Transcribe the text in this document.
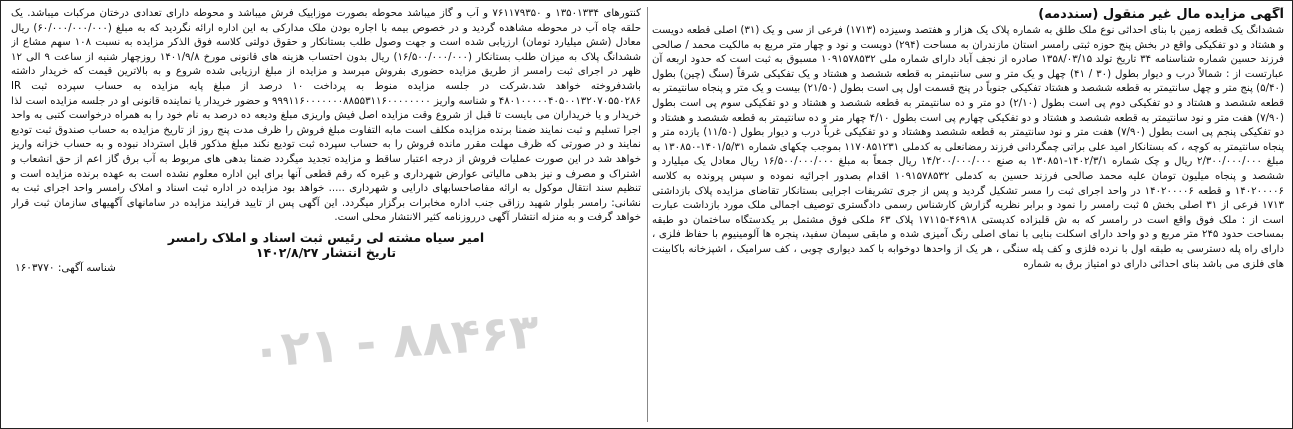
آگهی مزایده مال غیر منقول (سنددمه)

ششدانگ یک قطعه زمین با بنای احداثی نوع ملک طلق به شماره پلاک یک هزار و هفتصد وسیزده (۱۷۱۳) فرعی از سی و یک (۳۱) اصلی قطعه دویست و هشتاد و دو تفکیکی واقع در بخش پنج حوزه ثبتی رامسر استان مازندران به مساحت (۲۹۴) دویست و نود و چهار متر مربع به مالکیت محمد / صالحی فرزند حسین شماره شناسنامه ۳۴ تاریخ تولد ۱۳۵۸/۰۳/۱۵ صادره از نجف آباد دارای شماره ملی ۱۰۹۱۵۷۸۵۳۲ مسبوق به ثبت است که حدود اربعه آن عبارتست از : شمالاً درب و دیوار بطول (۳۰ / ۴۱) چهل و یک متر و سی سانتیمتر به قطعه ششصد و هشتاد و یک تفکیکی شرقاً (سنگ (چین) بطول (۵/۴۰) پنج متر و چهل سانتیمتر به قطعه ششصد و هشتاد تفکیکی جنوباً در پنج قسمت اول پی است بطول (۲۱/۵۰) بیست و یک متر و پنجاه سانتیمتر به قطعه ششصد و هشتاد و دو تفکیکی دوم پی است بطول (۲/۱۰) دو متر و ده سانتیمتر به قطعه ششصد و هشتاد و دو تفکیکی سوم پی است بطول (۷/۹۰) هفت متر و نود سانتیمتر به قطعه ششصد و هشتاد و دو تفکیکی چهارم پی است بطول ۴/۱۰ چهار متر و ده سانتیمتر به قطعه ششصد و هشتاد و دو تفکیکی پنجم پی است بطول (۷/۹۰) هفت متر و نود سانتیمتر به قطعه ششصد وهشتاد و دو تفکیکی غرباً درب و دیوار بطول (۱۱/۵۰) یازده متر و پنجاه سانتیمتر به کوچه ، که بستانکار امید علی براتی چمگردانی فرزند رمضانعلی به کدملی ۱۱۷۰۸۵۱۲۳۱ بموجب چکهای شماره ۱۴۰۱/۵/۳۱-۱۳۰۸۵۰ به مبلغ ۲/۳۰۰/۰۰۰/۰۰۰ ریال و چک شماره ۱۴۰۲/۳/۱-۱۳۰۸۵۱ به صنع ۱۴/۲۰۰/۰۰۰/۰۰۰ ریال جمعاً به مبلغ ۱۶/۵۰۰/۰۰۰/۰۰۰ ریال معادل یک میلیارد و ششصد و پنجاه میلیون تومان علیه محمد صالحی فرزند حسین به کدملی ۱۰۹۱۵۷۸۵۳۲ اقدام بصدور اجرائیه نموده و سپس پرونده به کلاسه ۱۴۰۲۰۰۰۰۶ و قطعه ۱۴۰۲۰۰۰۰۶ در واحد اجرای ثبت را مسر تشکیل گردید و پس از جری تشریفات اجرایی بستانکار تقاضای مزایده پلاک بازداشتی ۱۷۱۳ فرعی از ۳۱ اصلی بخش ۵ ثبت رامسر را نمود و برابر نظریه گزارش کارشناس رسمی دادگستری توصیف اجمالی ملک مورد بازداشت عبارت است از : ملک فوق واقع است در رامسر که به ش قلبزاده کدپستی ۴۶۹۱۸-۱۷۱۱۵ پلاک ۶۳ ملکی فوق مشتمل بر یکدستگاه ساختمان دو طبقه بمساحت حدود ۲۴۵ متر مربع و دو واحد دارای اسکلت بنایی با نمای اصلی رنگ آمیزی شده و مابقی سیمان سفید، پنجره ها آلومینیوم با حفاظ فلزی ، دارای راه پله دسترسی به طبقه اول با نرده فلزی و کف پله سنگی ، هر یک از واحدها دوخوابه با کمد دیواری چوبی ، کف سرامیک ، اشپزخانه باکابینت های فلزی می باشد بنای احداثی دارای دو امتیاز برق به شماره

کنتورهای ۱۳۵۰۱۳۳۴ و ۷۶۱۱۷۹۳۵۰ و آب و گاز میباشد محوطه بصورت موزاییک فرش میباشد و محوطه دارای تعدادی درختان مرکبات میباشد. یک حلقه چاه آب در محوطه مشاهده گردید و در خصوص بیمه با اجاره بودن ملک مدارکی به این اداره ارائه نگردید که به مبلغ (۶۰/۰۰۰/۰۰۰/۰۰۰) ریال معادل (شش میلیارد تومان) ارزیابی شده است و جهت وصول طلب بستانکار و حقوق دولتی کلاسه فوق الذکر مزایده به نسبت ۱۰۸ سهم مشاع از ششدانگ پلاک به میزان طلب بستانکار (۱۶/۵۰۰/۰۰۰/۰۰۰) ریال بدون احتساب هزینه های قانونی مورخ ۱۴۰۱/۹/۸ روزچهار شنبه از ساعت ۹ الی ۱۲ ظهر در اجرای ثبت رامسر از طریق مزایده حضوری بفروش میرسد و مزایده از مبلغ ارزیابی شده شروع و به بالاترین قیمت که خریدار داشته باشدفروخته خواهد شد.شرکت در جلسه مزایده منوط به پرداخت ۱۰ درصد از مبلغ پایه مزایده به حساب سپرده ثبت IR ۴۸۰۱۰۰۰۰۰۴۰۵۰۰۱۳۲۰۷۰۵۵۰۲۸۶ و شناسه واریز ۹۹۹۱۱۶۰۰۰۰۰۰۰۸۸۵۵۳۱۱۶۰۰۰۰۰۰۰۰ و حضور خریدار یا نماینده قانونی او در جلسه مزایده است لذا خریدار و یا خریداران می بایست تا قبل از شروع وقت مزایده اصل فیش واریزی مبلغ ودیعه ده درصد به نام خود را به همراه درخواست کتبی به واحد اجرا تسلیم و ثبت نمایند ضمنا برنده مزایده مکلف است مابه التفاوت مبلغ فروش را ظرف مدت پنج روز از تاریخ مزایده به حساب صندوق ثبت تودیع نمایند و در صورتی که ظرف مهلت مقرر مانده فروش را به حساب سپرده ثبت تودیع نکند مبلغ مذکور قابل استرداد نبوده و به حساب خزانه واریز خواهد شد در این صورت عملیات فروش از درجه اعتبار ساقط و مزایده تجدید میگردد ضمنا بدهی های مربوط به آب برق گاز اعم از حق انشعاب و اشتراک و مصرف و نیز بدهی مالیاتی عوارض شهرداری و غیره که رقم قطعی آنها برای این اداره معلوم نشده است به عهده برنده مزایده است و تنظیم سند انتقال موکول به ارائه مفاصاحسابهای دارایی و شهرداری ..... خواهد بود مزایده در اداره ثبت اسناد و املاک رامسر واحد اجرای ثبت به نشانی: رامسر بلوار شهید رزاقی جنب اداره مخابرات برگزار میگردد. این آگهی پس از تایید فرایند مزایده در سامانهای آگهیهای سازمان ثبت قرار خواهد گرفت و به منزله انتشار آگهی درروزنامه کثیر الانتشار محلی است.

امیر سیاه مشته لی رئیس ثبت اسناد و املاک رامسر
تاریخ انتشار ۱۴۰۲/۸/۲۷
شناسه آگهی: ۱۶۰۳۷۷۰
۰۲۱ - ۸۸۴۶۳
